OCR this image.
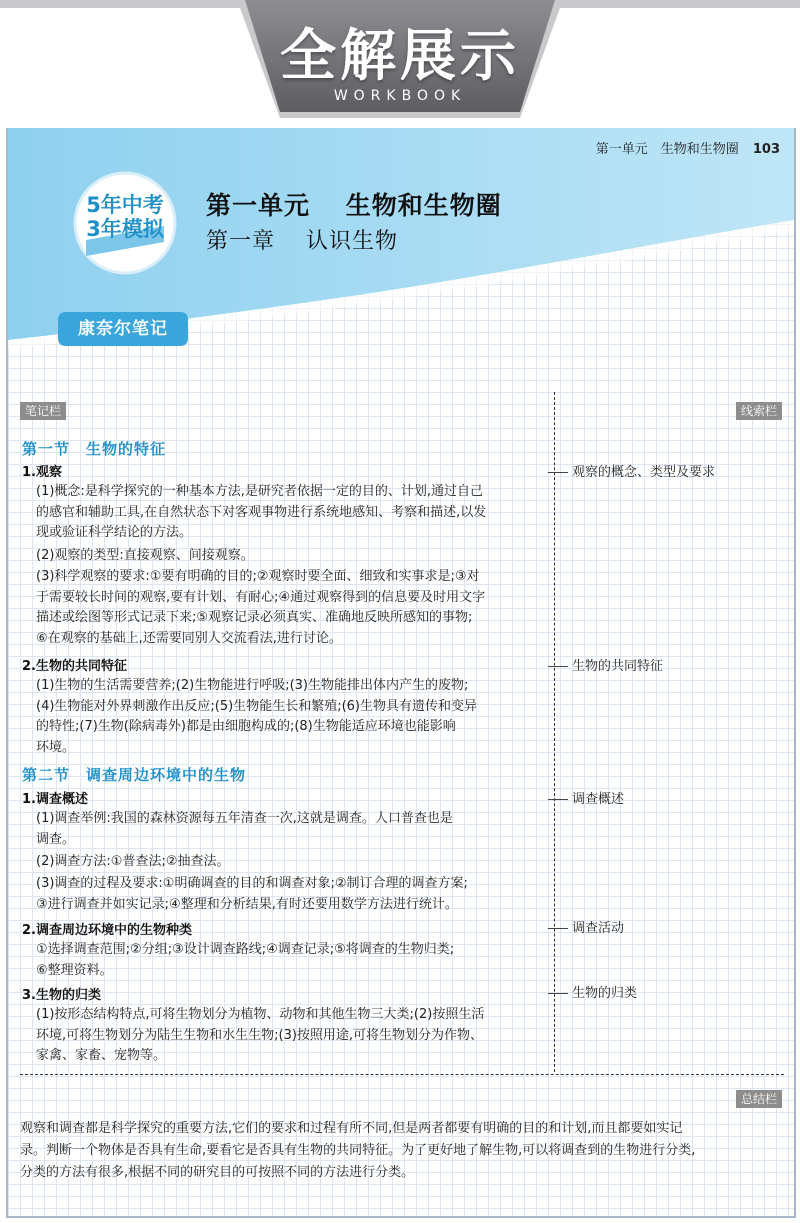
全解展示
WORKBOOK
第一单元　生物和生物圈 103
5年中考
3年模拟
第一单元　 生物和生物圈
第一章　 认识生物
康奈尔笔记
笔记栏	线索栏
第一节　生物的特征
1.观察
(1)概念:是科学探究的一种基本方法,是研究者依据一定的目的、计划,通过自己
的感官和辅助工具,在自然状态下对客观事物进行系统地感知、考察和描述,以发
现或验证科学结论的方法。
(2)观察的类型:直接观察、间接观察。
(3)科学观察的要求:①要有明确的目的;②观察时要全面、细致和实事求是;③对
于需要较长时间的观察,要有计划、有耐心;④通过观察得到的信息要及时用文字
描述或绘图等形式记录下来;⑤观察记录必须真实、准确地反映所感知的事物;
⑥在观察的基础上,还需要同别人交流看法,进行讨论。
2.生物的共同特征
(1)生物的生活需要营养;(2)生物能进行呼吸;(3)生物能排出体内产生的废物;
(4)生物能对外界刺激作出反应;(5)生物能生长和繁殖;(6)生物具有遗传和变异
的特性;(7)生物(除病毒外)都是由细胞构成的;(8)生物能适应环境也能影响
环境。
第二节　调查周边环境中的生物
1.调查概述
(1)调查举例:我国的森林资源每五年清查一次,这就是调查。人口普查也是
调查。
(2)调查方法:①普查法;②抽查法。
(3)调查的过程及要求:①明确调查的目的和调查对象;②制订合理的调查方案;
③进行调查并如实记录;④整理和分析结果,有时还要用数学方法进行统计。
2.调查周边环境中的生物种类
①选择调查范围;②分组;③设计调查路线;④调查记录;⑤将调查的生物归类;
⑥整理资料。
3.生物的归类
(1)按形态结构特点,可将生物划分为植物、动物和其他生物三大类;(2)按照生活
环境,可将生物划分为陆生生物和水生生物;(3)按照用途,可将生物划分为作物、
家禽、家畜、宠物等。
观察的概念、类型及要求
生物的共同特征
调查概述
调查活动
生物的归类
总结栏
观察和调查都是科学探究的重要方法,它们的要求和过程有所不同,但是两者都要有明确的目的和计划,而且都要如实记
录。判断一个物体是否具有生命,要看它是否具有生物的共同特征。为了更好地了解生物,可以将调查到的生物进行分类,
分类的方法有很多,根据不同的研究目的可按照不同的方法进行分类。
